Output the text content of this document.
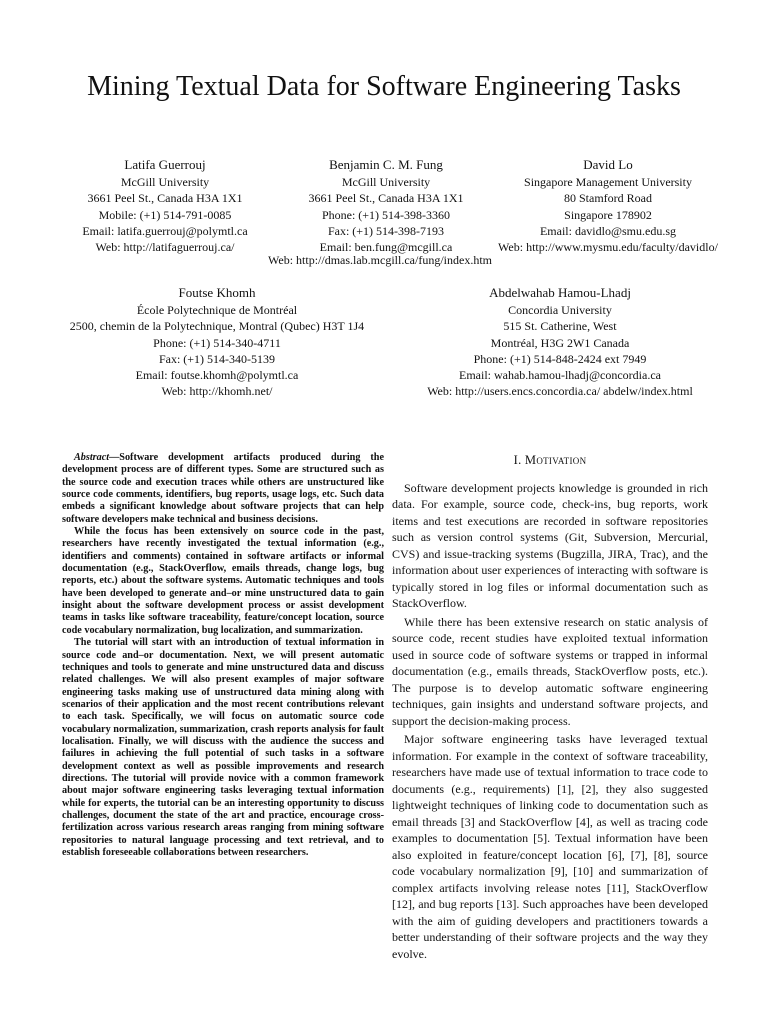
Mining Textual Data for Software Engineering Tasks
Latifa Guerrouj
McGill University
3661 Peel St., Canada H3A 1X1
Mobile: (+1) 514-791-0085
Email: latifa.guerrouj@polymtl.ca
Web: http://latifaguerrouj.ca/
Benjamin C. M. Fung
McGill University
3661 Peel St., Canada H3A 1X1
Phone: (+1) 514-398-3360
Fax: (+1) 514-398-7193
Email: ben.fung@mcgill.ca
David Lo
Singapore Management University
80 Stamford Road
Singapore 178902
Email: davidlo@smu.edu.sg
Web: http://www.mysmu.edu/faculty/davidlo/
Web: http://dmas.lab.mcgill.ca/fung/index.htm
Foutse Khomh
École Polytechnique de Montréal
2500, chemin de la Polytechnique, Montral (Qubec) H3T 1J4
Phone: (+1) 514-340-4711
Fax: (+1) 514-340-5139
Email: foutse.khomh@polymtl.ca
Web: http://khomh.net/
Abdelwahab Hamou-Lhadj
Concordia University
515 St. Catherine, West
Montréal, H3G 2W1 Canada
Phone: (+1) 514-848-2424 ext 7949
Email: wahab.hamou-lhadj@concordia.ca
Web: http://users.encs.concordia.ca/ abdelw/index.html

Abstract—Software development artifacts produced during the development process are of different types. Some are structured such as the source code and execution traces while others are unstructured like source code comments, identifiers, bug reports, usage logs, etc. Such data embeds a significant knowledge about software projects that can help software developers make technical and business decisions.

While the focus has been extensively on source code in the past, researchers have recently investigated the textual information (e.g., identifiers and comments) contained in software artifacts or informal documentation (e.g., StackOverflow, emails threads, change logs, bug reports, etc.) about the software systems. Automatic techniques and tools have been developed to generate and–or mine unstructured data to gain insight about the software development process or assist development teams in tasks like software traceability, feature/concept location, source code vocabulary normalization, bug localization, and summarization.

The tutorial will start with an introduction of textual information in source code and–or documentation. Next, we will present automatic techniques and tools to generate and mine unstructured data and discuss related challenges. We will also present examples of major software engineering tasks making use of unstructured data mining along with scenarios of their application and the most recent contributions relevant to each task. Specifically, we will focus on automatic source code vocabulary normalization, summarization, crash reports analysis for fault localisation. Finally, we will discuss with the audience the success and failures in achieving the full potential of such tasks in a software development context as well as possible improvements and research directions. The tutorial will provide novice with a common framework about major software engineering tasks leveraging textual information while for experts, the tutorial can be an interesting opportunity to discuss challenges, document the state of the art and practice, encourage cross-fertilization across various research areas ranging from mining software repositories to natural language processing and text retrieval, and to establish foreseeable collaborations between researchers.

I. Motivation

Software development projects knowledge is grounded in rich data. For example, source code, check-ins, bug reports, work items and test executions are recorded in software repositories such as version control systems (Git, Subversion, Mercurial, CVS) and issue-tracking systems (Bugzilla, JIRA, Trac), and the information about user experiences of interacting with software is typically stored in log files or informal documentation such as StackOverflow.

While there has been extensive research on static analysis of source code, recent studies have exploited textual information used in source code of software systems or trapped in informal documentation (e.g., emails threads, StackOverflow posts, etc.). The purpose is to develop automatic software engineering techniques, gain insights and understand software projects, and support the decision-making process.

Major software engineering tasks have leveraged textual information. For example in the context of software traceability, researchers have made use of textual information to trace code to documents (e.g., requirements) [1], [2], they also suggested lightweight techniques of linking code to documentation such as email threads [3] and StackOverflow [4], as well as tracing code examples to documentation [5]. Textual information have been also exploited in feature/concept location [6], [7], [8], source code vocabulary normalization [9], [10] and summarization of complex artifacts involving release notes [11], StackOverflow [12], and bug reports [13]. Such approaches have been developed with the aim of guiding developers and practitioners towards a better understanding of their software projects and the way they evolve.
